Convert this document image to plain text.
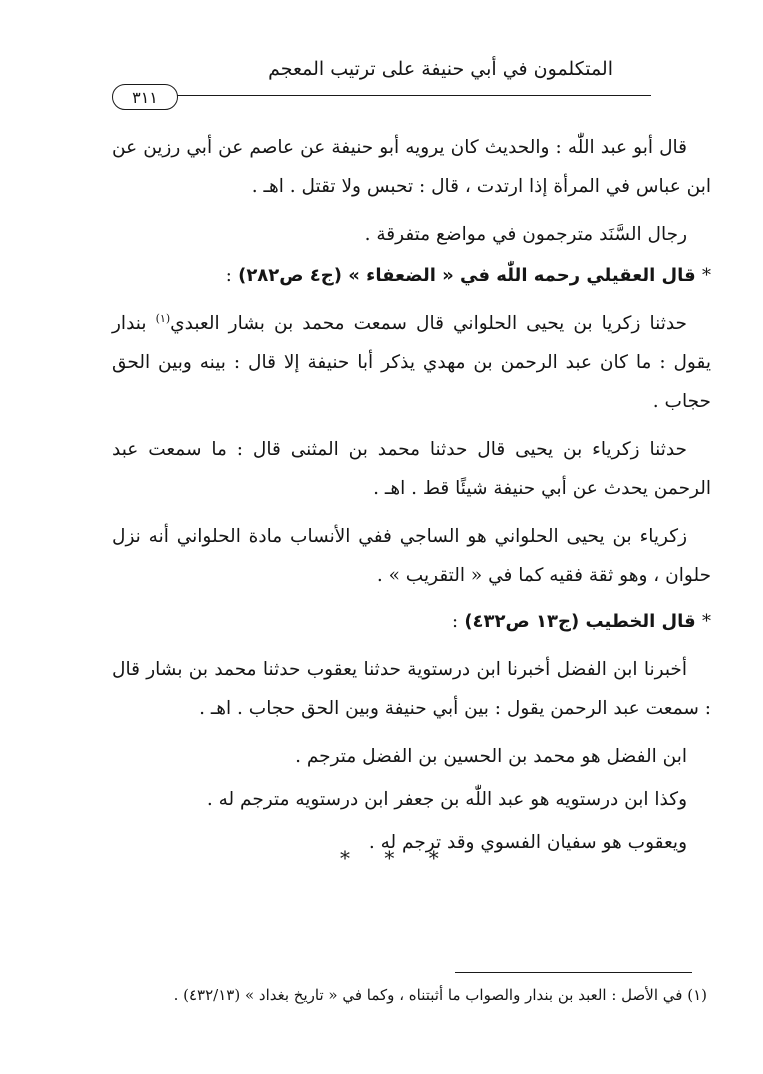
المتكلمون في أبي حنيفة على ترتيب المعجم
٣١١

قال أبو عبد اللّٰه : والحديث كان يرويه أبو حنيفة عن عاصم عن أبي رزين عن ابن عباس في المرأة إذا ارتدت ، قال : تحبس ولا تقتل . اهـ .

رجال السَّنَد مترجمون في مواضع متفرقة .

* قال العقيلي رحمه اللّٰه في « الضعفاء » (ج٤ ص٢٨٢) :

حدثنا زكريا بن يحيى الحلواني قال سمعت محمد بن بشار العبدي$^{(١)}$ بندار يقول : ما كان عبد الرحمن بن مهدي يذكر أبا حنيفة إلا قال : بينه وبين الحق حجاب .

حدثنا زكرياء بن يحيى قال حدثنا محمد بن المثنى قال : ما سمعت عبد الرحمن يحدث عن أبي حنيفة شيئًا قط . اهـ .

زكرياء بن يحيى الحلواني هو الساجي ففي الأنساب مادة الحلواني أنه نزل حلوان ، وهو ثقة فقيه كما في « التقريب » .

* قال الخطيب (ج١٣ ص٤٣٢) :

أخبرنا ابن الفضل أخبرنا ابن درستوية حدثنا يعقوب حدثنا محمد بن بشار قال : سمعت عبد الرحمن يقول : بين أبي حنيفة وبين الحق حجاب . اهـ .

ابن الفضل هو محمد بن الحسين بن الفضل مترجم .

وكذا ابن درستويه هو عبد اللّٰه بن جعفر ابن درستويه مترجم له .

ويعقوب هو سفيان الفسوي وقد ترجم له .

* * *
(١) في الأصل : العبد بن بندار والصواب ما أثبتناه ، وكما في « تاريخ بغداد » (٤٣٢/١٣) .
